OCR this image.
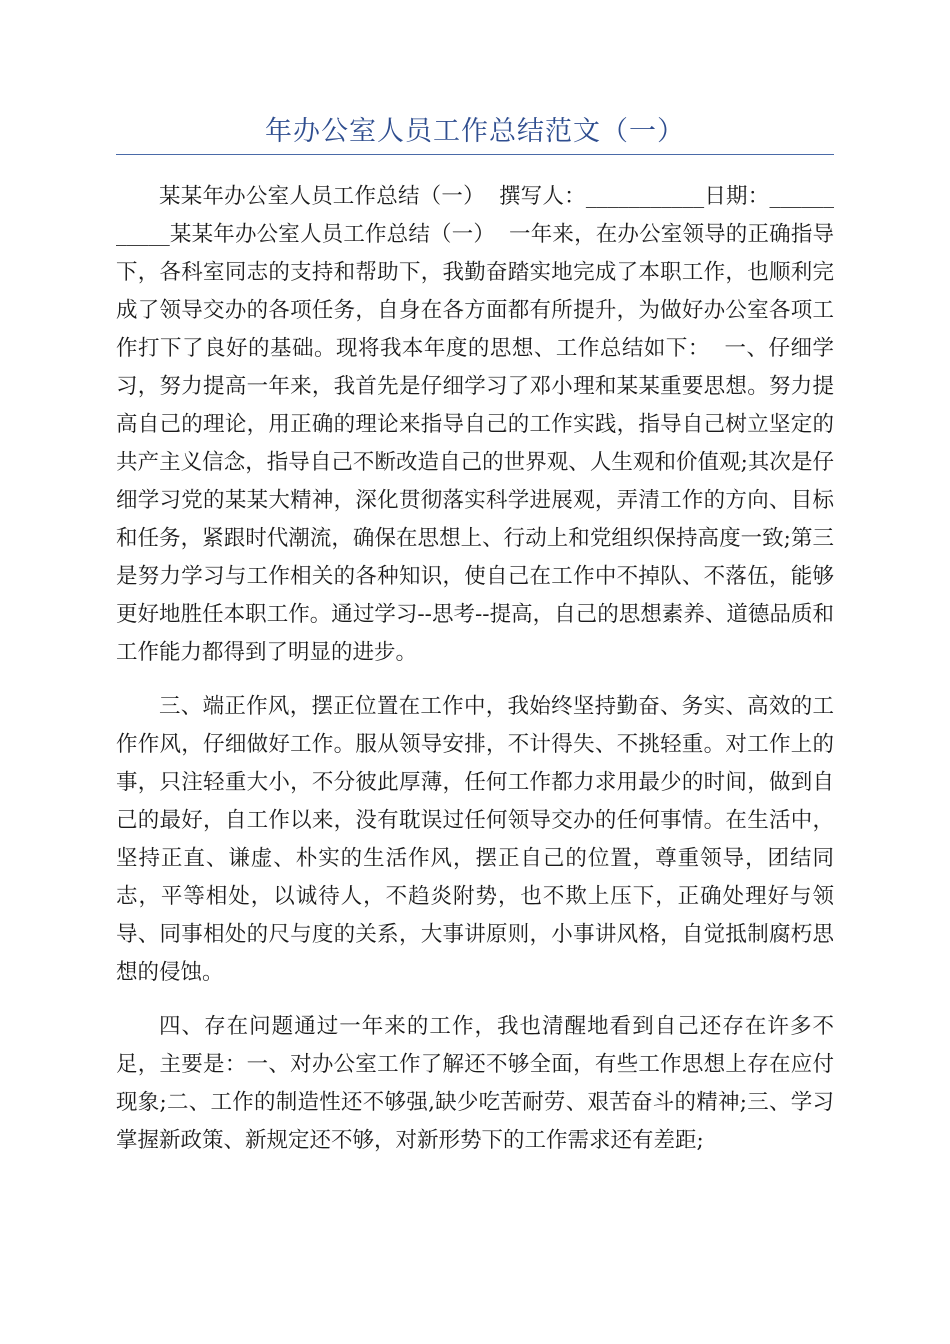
年办公室人员工作总结范文（一）

某某年办公室人员工作总结（一）  撰写人：___________日期：___________某某年办公室人员工作总结（一）  一年来，在办公室领导的正确指导下，各科室同志的支持和帮助下，我勤奋踏实地完成了本职工作，也顺利完成了领导交办的各项任务，自身在各方面都有所提升，为做好办公室各项工作打下了良好的基础。现将我本年度的思想、工作总结如下：  一、仔细学习，努力提高一年来，我首先是仔细学习了邓小理和某某重要思想。努力提高自己的理论，用正确的理论来指导自己的工作实践，指导自己树立坚定的共产主义信念，指导自己不断改造自己的世界观、人生观和价值观;其次是仔细学习党的某某大精神，深化贯彻落实科学进展观，弄清工作的方向、目标和任务，紧跟时代潮流，确保在思想上、行动上和党组织保持高度一致;第三是努力学习与工作相关的各种知识，使自己在工作中不掉队、不落伍，能够更好地胜任本职工作。通过学习--思考--提高，自己的思想素养、道德品质和工作能力都得到了明显的进步。

三、端正作风，摆正位置在工作中，我始终坚持勤奋、务实、高效的工作作风，仔细做好工作。服从领导安排，不计得失、不挑轻重。对工作上的事，只注轻重大小，不分彼此厚薄，任何工作都力求用最少的时间，做到自己的最好，自工作以来，没有耽误过任何领导交办的任何事情。在生活中，坚持正直、谦虚、朴实的生活作风，摆正自己的位置，尊重领导，团结同志，平等相处，以诚待人，不趋炎附势，也不欺上压下，正确处理好与领导、同事相处的尺与度的关系，大事讲原则，小事讲风格，自觉抵制腐朽思想的侵蚀。

四、存在问题通过一年来的工作，我也清醒地看到自己还存在许多不足，主要是：一、对办公室工作了解还不够全面，有些工作思想上存在应付现象;二、工作的制造性还不够强,缺少吃苦耐劳、艰苦奋斗的精神;三、学习掌握新政策、新规定还不够，对新形势下的工作需求还有差距;
